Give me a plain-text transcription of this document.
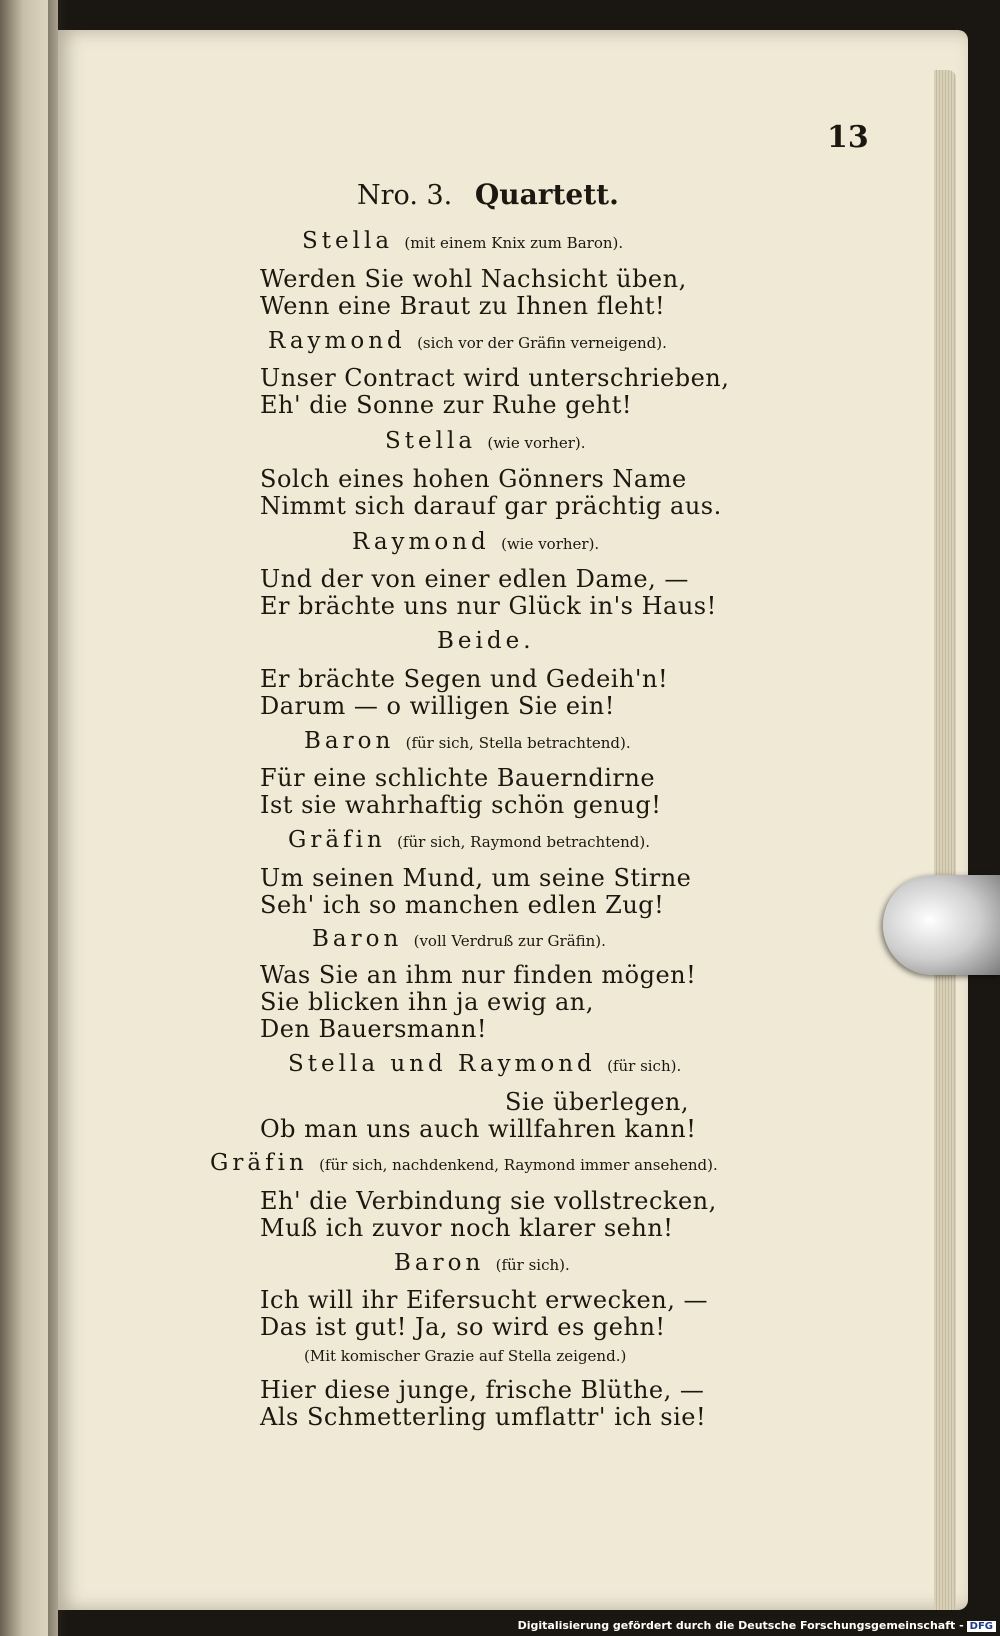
13
Nro. 3. Quartett.
Stella (mit einem Knix zum Baron).
Werden Sie wohl Nachsicht üben,
Wenn eine Braut zu Ihnen fleht!
Raymond (sich vor der Gräfin verneigend).
Unser Contract wird unterschrieben,
Eh' die Sonne zur Ruhe geht!
Stella (wie vorher).
Solch eines hohen Gönners Name
Nimmt sich darauf gar prächtig aus.
Raymond (wie vorher).
Und der von einer edlen Dame, —
Er brächte uns nur Glück in's Haus!
Beide.
Er brächte Segen und Gedeih'n!
Darum — o willigen Sie ein!
Baron (für sich, Stella betrachtend).
Für eine schlichte Bauerndirne
Ist sie wahrhaftig schön genug!
Gräfin (für sich, Raymond betrachtend).
Um seinen Mund, um seine Stirne
Seh' ich so manchen edlen Zug!
Baron (voll Verdruß zur Gräfin).
Was Sie an ihm nur finden mögen!
Sie blicken ihn ja ewig an,
Den Bauersmann!
Stella und Raymond (für sich).
Sie überlegen,
Ob man uns auch willfahren kann!
Gräfin (für sich, nachdenkend, Raymond immer ansehend).
Eh' die Verbindung sie vollstrecken,
Muß ich zuvor noch klarer sehn!
Baron (für sich).
Ich will ihr Eifersucht erwecken, —
Das ist gut! Ja, so wird es gehn!
(Mit komischer Grazie auf Stella zeigend.)
Hier diese junge, frische Blüthe, —
Als Schmetterling umflattr' ich sie!
Digitalisierung gefördert durch die Deutsche Forschungsgemeinschaft - DFG
